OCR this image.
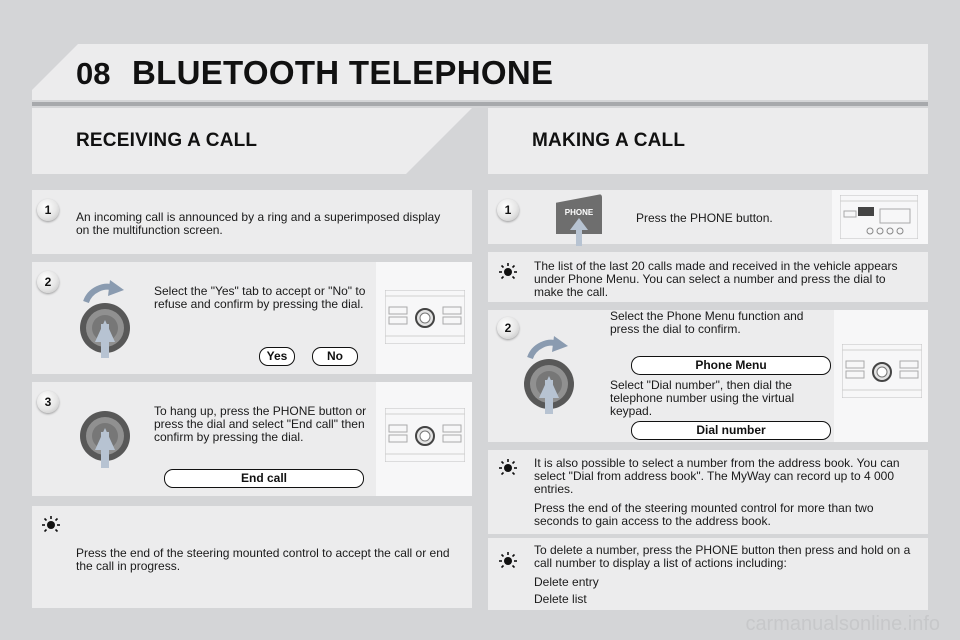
08 BLUETOOTH TELEPHONE
RECEIVING A CALL	MAKING A CALL
1	An incoming call is announced by a ring and a superimposed display on the multifunction screen.
2
Select the "Yes" tab to accept or "No" to refuse and confirm by pressing the dial.
Yes	No
3
To hang up, press the PHONE button or press the dial and select "End call" then confirm by pressing the dial.
End call
Press the end of the steering mounted control to accept the call or end the call in progress.
1	PHONE	Press the PHONE button.
The list of the last 20 calls made and received in the vehicle appears under Phone Menu. You can select a number and press the dial to make the call.
2
Select the Phone Menu function and press the dial to confirm.
Phone Menu
Select "Dial number", then dial the telephone number using the virtual keypad.
Dial number

It is also possible to select a number from the address book. You can select "Dial from address book". The MyWay can record up to 4 000 entries.

Press the end of the steering mounted control for more than two seconds to gain access to the address book.

To delete a number, press the PHONE button then press and hold on a call number to display a list of actions including:

Delete entry

Delete list

carmanualsonline.info
